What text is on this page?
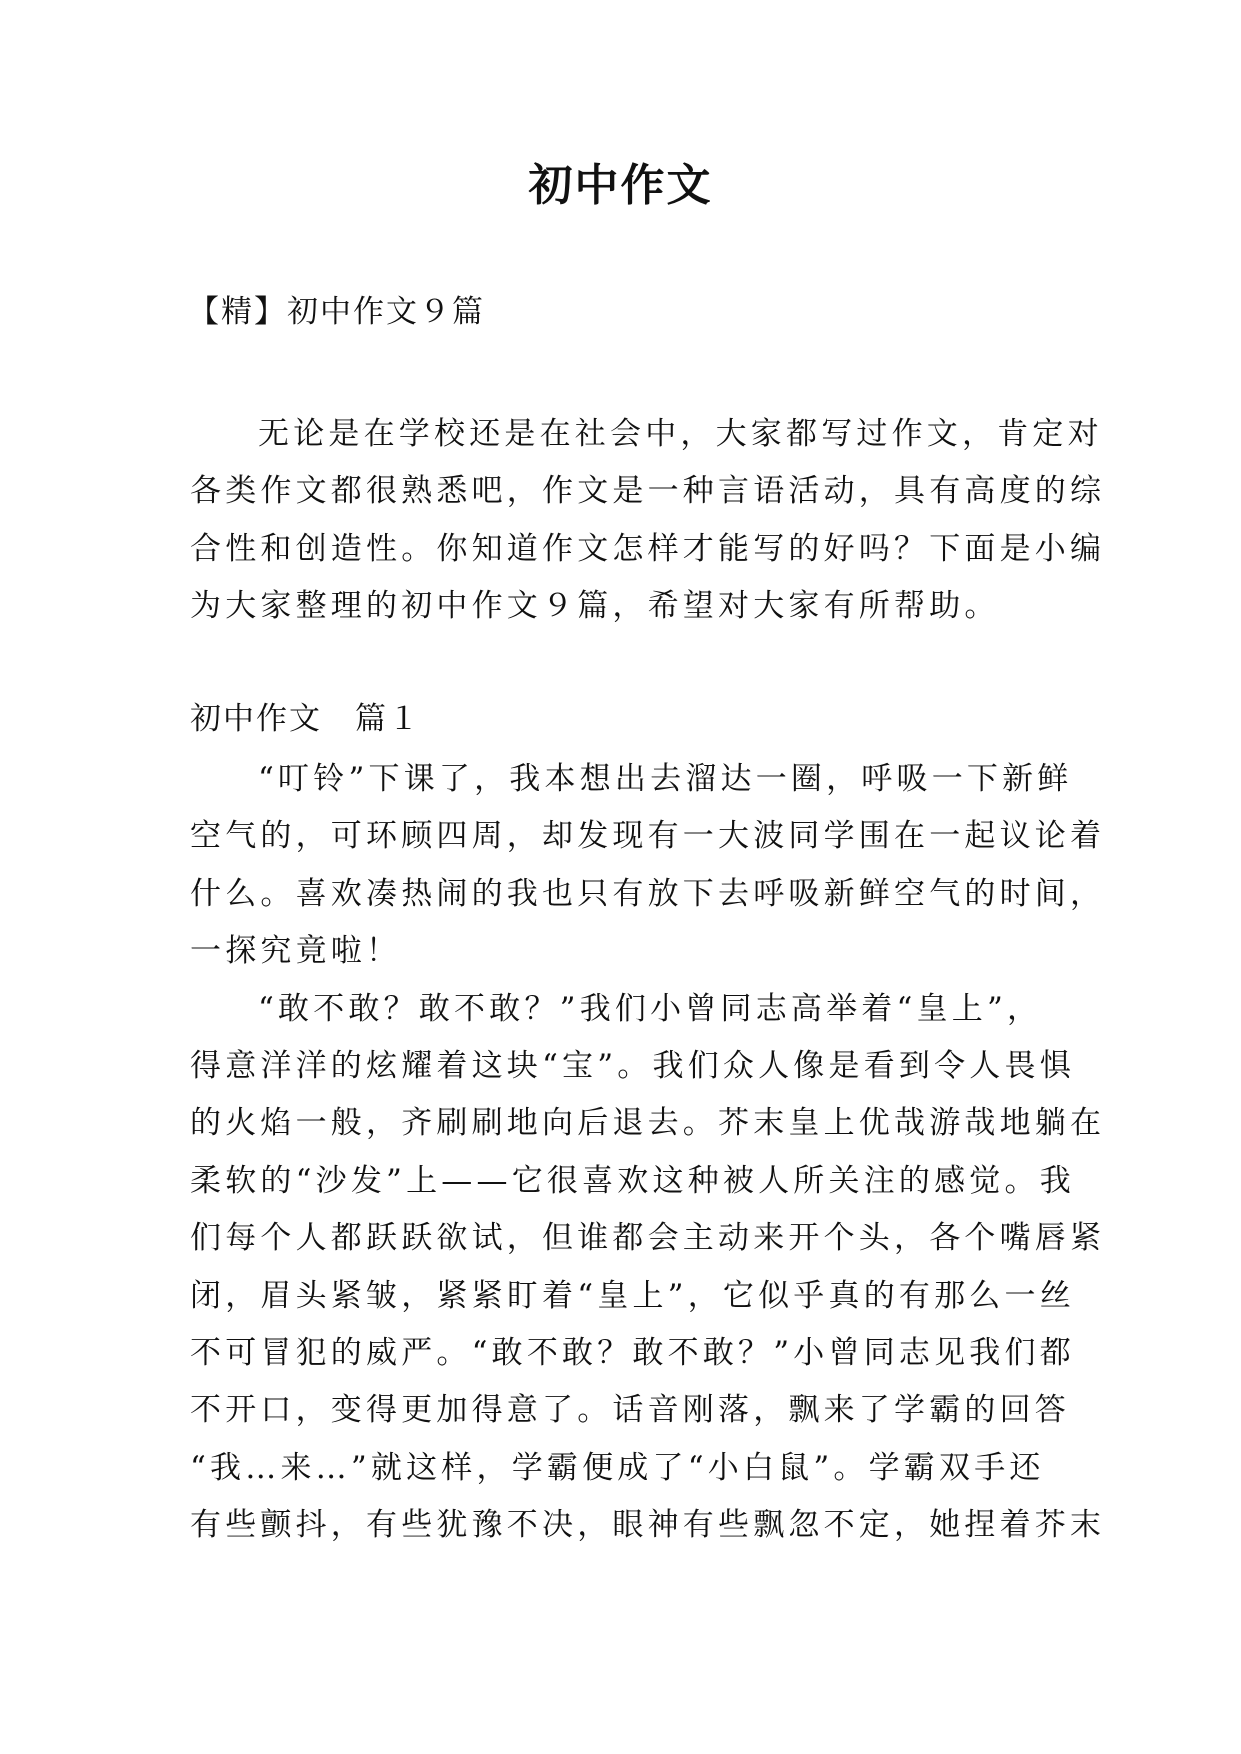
初中作文

【精】初中作文９篇

无论是在学校还是在社会中，大家都写过作文，肯定对
各类作文都很熟悉吧，作文是一种言语活动，具有高度的综
合性和创造性。你知道作文怎样才能写的好吗？下面是小编
为大家整理的初中作文９篇，希望对大家有所帮助。

初中作文　篇１

“叮铃”下课了，我本想出去溜达一圈，呼吸一下新鲜
空气的，可环顾四周，却发现有一大波同学围在一起议论着
什么。喜欢凑热闹的我也只有放下去呼吸新鲜空气的时间，
一探究竟啦！
“敢不敢？敢不敢？”我们小曾同志高举着“皇上”，
得意洋洋的炫耀着这块“宝”。我们众人像是看到令人畏惧
的火焰一般，齐刷刷地向后退去。芥末皇上优哉游哉地躺在
柔软的“沙发”上——它很喜欢这种被人所关注的感觉。我
们每个人都跃跃欲试，但谁都会主动来开个头，各个嘴唇紧
闭，眉头紧皱，紧紧盯着“皇上”，它似乎真的有那么一丝
不可冒犯的威严。“敢不敢？敢不敢？”小曾同志见我们都
不开口，变得更加得意了。话音刚落，飘来了学霸的回答
“我…来…”就这样，学霸便成了“小白鼠”。学霸双手还
有些颤抖，有些犹豫不决，眼神有些飘忽不定，她捏着芥末
